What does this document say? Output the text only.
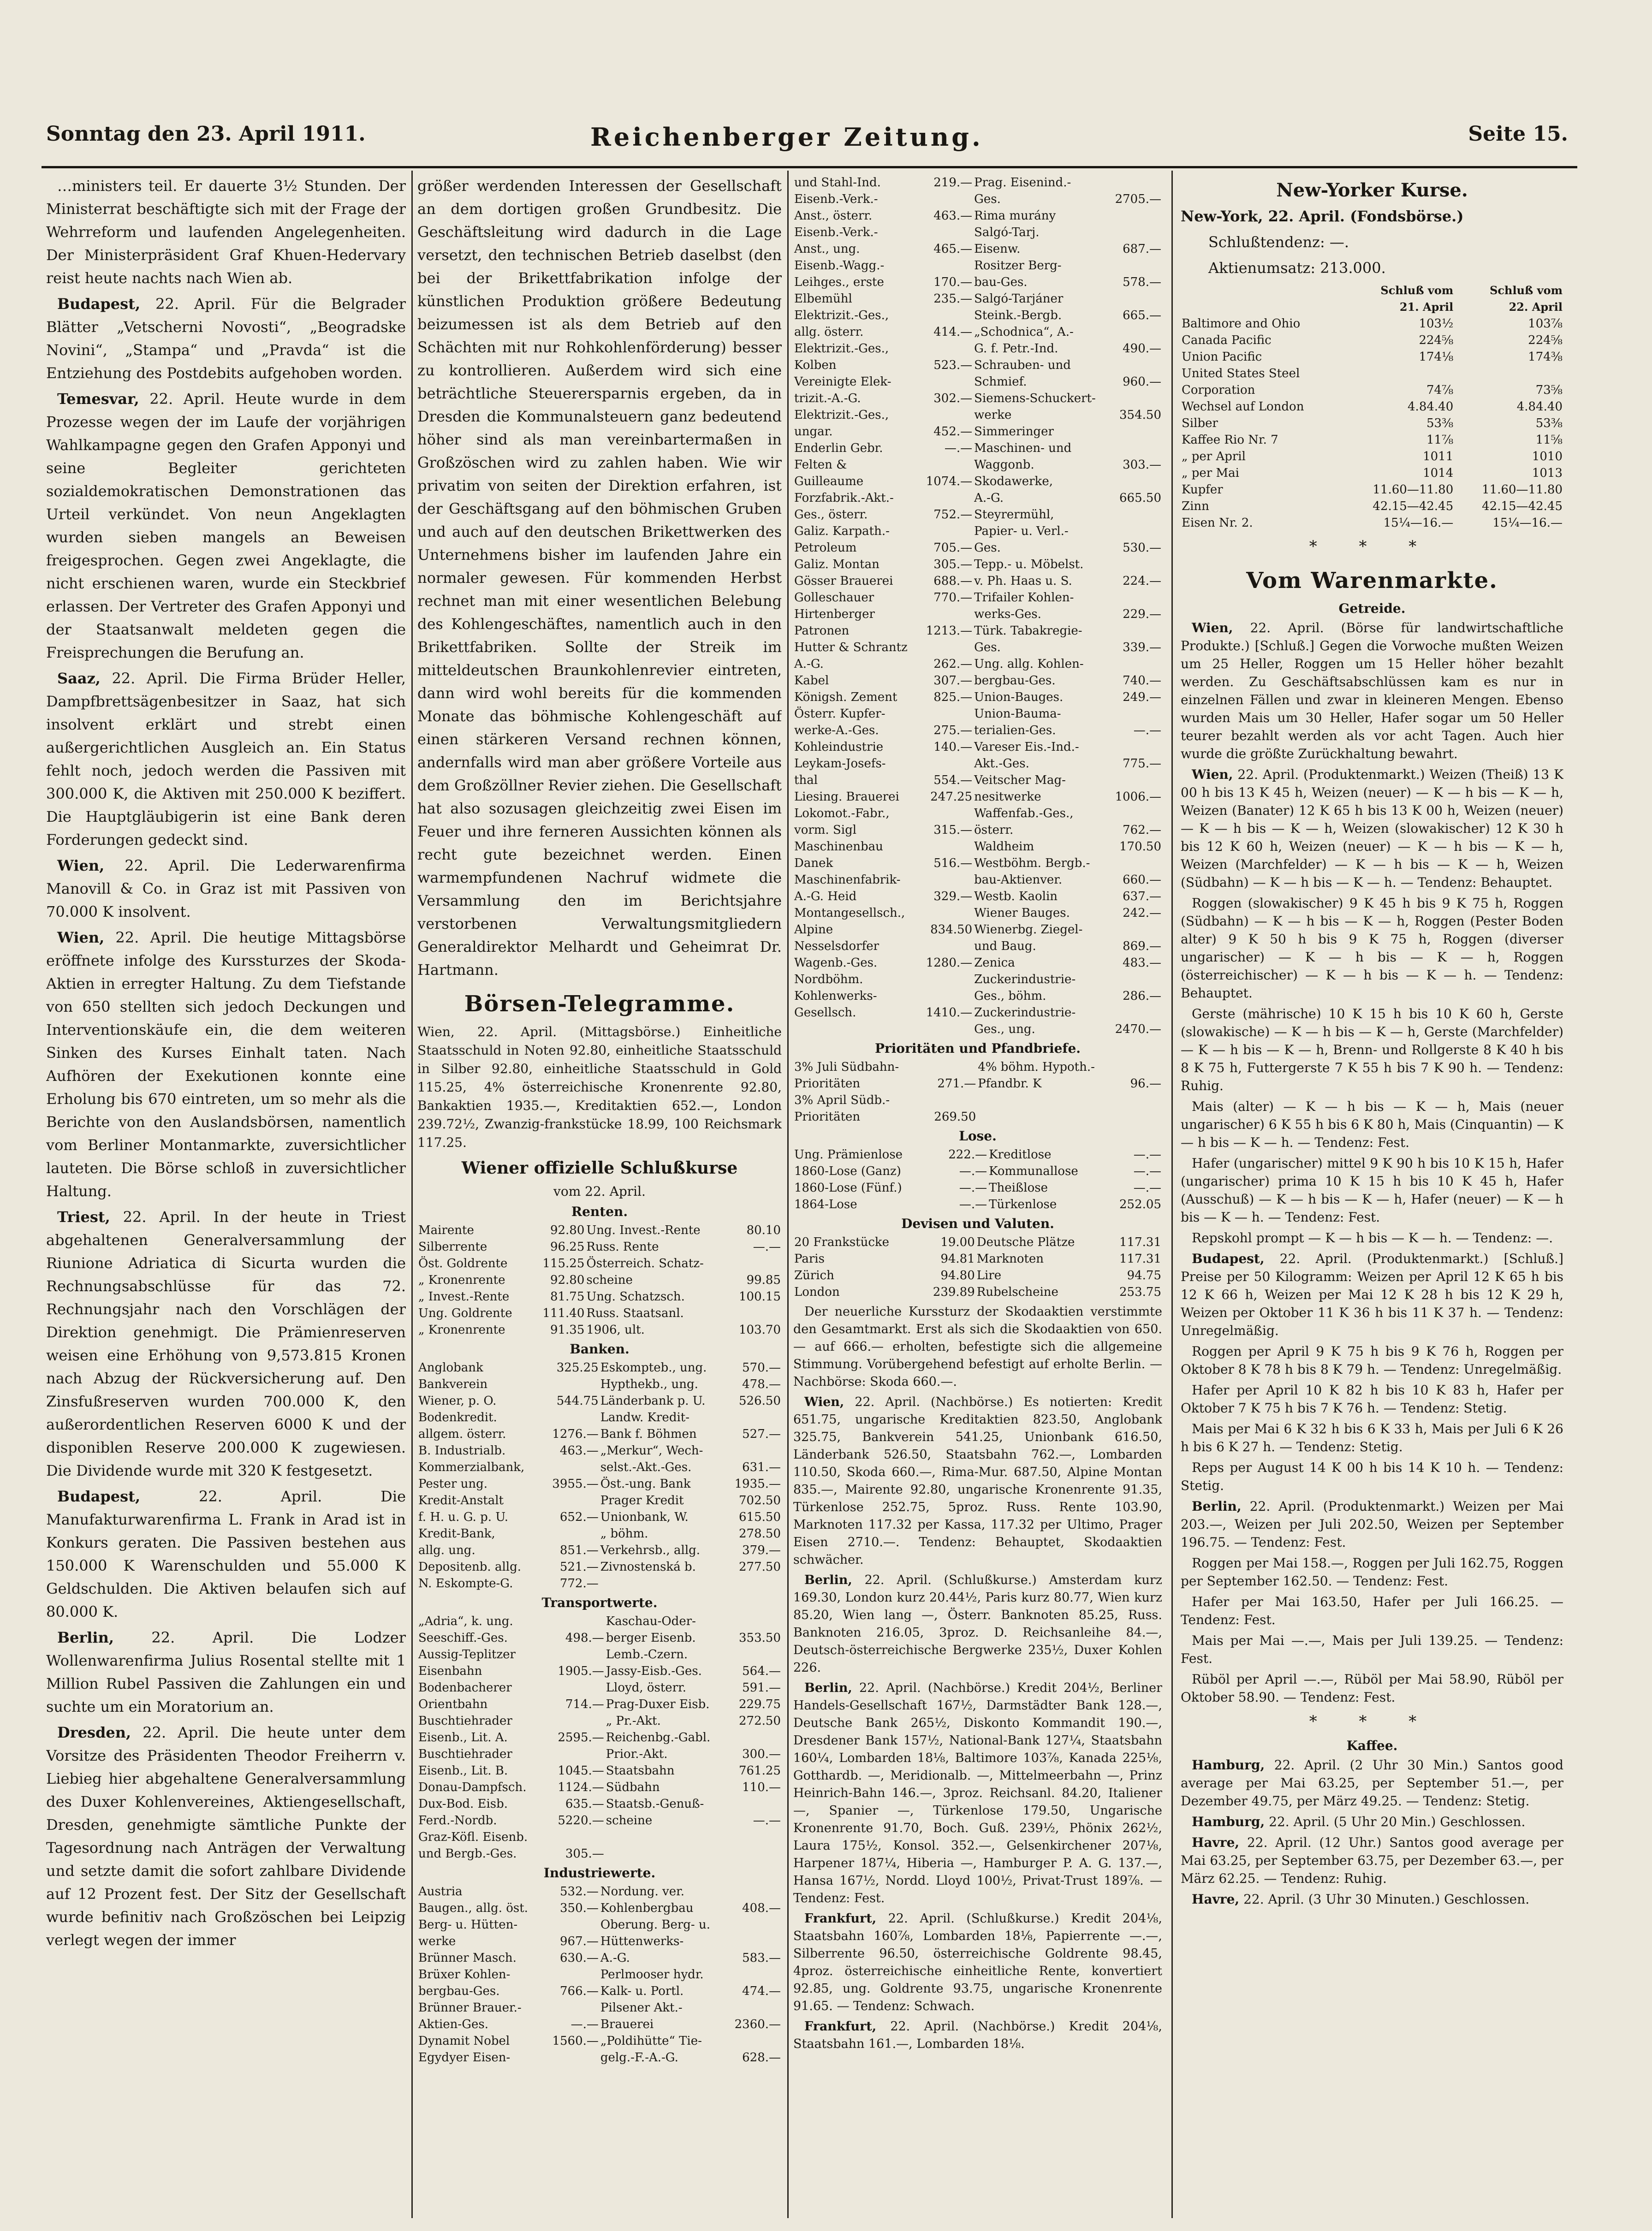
Sonntag den 23. April 1911.	Reichenberger Zeitung.	Seite 15.

…ministers teil. Er dauerte 3½ Stunden. Der Ministerrat beschäftigte sich mit der Frage der Wehrreform und laufenden Angelegenheiten. Der Ministerpräsident Graf Khuen-Hedervary reist heute nachts nach Wien ab.

Budapest, 22. April. Für die Belgrader Blätter „Vetscherni Novosti“, „Beogradske Novini“, „Stampa“ und „Pravda“ ist die Entziehung des Postdebits aufgehoben worden.

Temesvar, 22. April. Heute wurde in dem Prozesse wegen der im Laufe der vorjährigen Wahlkampagne gegen den Grafen Apponyi und seine Begleiter gerichteten sozialdemokratischen Demonstrationen das Urteil verkündet. Von neun Angeklagten wurden sieben mangels an Beweisen freigesprochen. Gegen zwei Angeklagte, die nicht erschienen waren, wurde ein Steckbrief erlassen. Der Vertreter des Grafen Apponyi und der Staatsanwalt meldeten gegen die Freisprechungen die Berufung an.

Saaz, 22. April. Die Firma Brüder Heller, Dampfbrettsägenbesitzer in Saaz, hat sich insolvent erklärt und strebt einen außergerichtlichen Ausgleich an. Ein Status fehlt noch, jedoch werden die Passiven mit 300.000 K, die Aktiven mit 250.000 K beziffert. Die Hauptgläubigerin ist eine Bank deren Forderungen gedeckt sind.

Wien, 22. April. Die Lederwarenfirma Manovill & Co. in Graz ist mit Passiven von 70.000 K insolvent.

Wien, 22. April. Die heutige Mittagsbörse eröffnete infolge des Kurssturzes der Skoda-Aktien in erregter Haltung. Zu dem Tiefstande von 650 stellten sich jedoch Deckungen und Interventionskäufe ein, die dem weiteren Sinken des Kurses Einhalt taten. Nach Aufhören der Exekutionen konnte eine Erholung bis 670 eintreten, um so mehr als die Berichte von den Auslandsbörsen, namentlich vom Berliner Montanmarkte, zuversichtlicher lauteten. Die Börse schloß in zuversichtlicher Haltung.

Triest, 22. April. In der heute in Triest abgehaltenen Generalversammlung der Riunione Adriatica di Sicurta wurden die Rechnungsabschlüsse für das 72. Rechnungsjahr nach den Vorschlägen der Direktion genehmigt. Die Prämienreserven weisen eine Erhöhung von 9,573.815 Kronen nach Abzug der Rückversicherung auf. Den Zinsfußreserven wurden 700.000 K, den außerordentlichen Reserven 6000 K und der disponiblen Reserve 200.000 K zugewiesen. Die Dividende wurde mit 320 K festgesetzt.

Budapest, 22. April. Die Manufakturwarenfirma L. Frank in Arad ist in Konkurs geraten. Die Passiven bestehen aus 150.000 K Warenschulden und 55.000 K Geldschulden. Die Aktiven belaufen sich auf 80.000 K.

Berlin, 22. April. Die Lodzer Wollenwarenfirma Julius Rosental stellte mit 1 Million Rubel Passiven die Zahlungen ein und suchte um ein Moratorium an.

Dresden, 22. April. Die heute unter dem Vorsitze des Präsidenten Theodor Freiherrn v. Liebieg hier abgehaltene Generalversammlung des Duxer Kohlenvereines, Aktiengesellschaft, Dresden, genehmigte sämtliche Punkte der Tagesordnung nach Anträgen der Verwaltung und setzte damit die sofort zahlbare Dividende auf 12 Prozent fest. Der Sitz der Gesellschaft wurde befinitiv nach Großzöschen bei Leipzig verlegt wegen der immer

größer werdenden Interessen der Gesellschaft an dem dortigen großen Grundbesitz. Die Geschäftsleitung wird dadurch in die Lage versetzt, den technischen Betrieb daselbst (den bei der Brikettfabrikation infolge der künstlichen Produktion größere Bedeutung beizumessen ist als dem Betrieb auf den Schächten mit nur Rohkohlenförderung) besser zu kontrollieren. Außerdem wird sich eine beträchtliche Steuerersparnis ergeben, da in Dresden die Kommunalsteuern ganz bedeutend höher sind als man vereinbartermaßen in Großzöschen wird zu zahlen haben. Wie wir privatim von seiten der Direktion erfahren, ist der Geschäftsgang auf den böhmischen Gruben und auch auf den deutschen Brikettwerken des Unternehmens bisher im laufenden Jahre ein normaler gewesen. Für kommenden Herbst rechnet man mit einer wesentlichen Belebung des Kohlengeschäftes, namentlich auch in den Brikettfabriken. Sollte der Streik im mitteldeutschen Braunkohlenrevier eintreten, dann wird wohl bereits für die kommenden Monate das böhmische Kohlengeschäft auf einen stärkeren Versand rechnen können, andernfalls wird man aber größere Vorteile aus dem Großzöllner Revier ziehen. Die Gesellschaft hat also sozusagen gleichzeitig zwei Eisen im Feuer und ihre ferneren Aussichten können als recht gute bezeichnet werden. Einen warmempfundenen Nachruf widmete die Versammlung den im Berichtsjahre verstorbenen Verwaltungsmitgliedern Generaldirektor Melhardt und Geheimrat Dr. Hartmann.

Börsen-Telegramme.

Wien, 22. April. (Mittagsbörse.) Einheitliche Staatsschuld in Noten 92.80, einheitliche Staatsschuld in Silber 92.80, einheitliche Staatsschuld in Gold 115.25, 4% österreichische Kronenrente 92.80, Bankaktien 1935.—, Kreditaktien 652.—, London 239.72½, Zwanzig-frankstücke 18.99, 100 Reichsmark 117.25.

Wiener offizielle Schlußkurse
vom 22. April.
Renten.
Mairente	92.80	Ung. Invest.-Rente	80.10
Silberrente	96.25	Russ. Rente	—.—
Öst. Goldrente	115.25	Österreich. Schatz-	
„ Kronenrente	92.80	scheine	99.85
„ Invest.-Rente	81.75	Ung. Schatzsch.	100.15
Ung. Goldrente	111.40	Russ. Staatsanl.	
„ Kronenrente	91.35	1906, ult.	103.70
Banken.
Anglobank	325.25	Eskompteb., ung.	570.—
Bankverein		Hypthekb., ung.	478.—
Wiener, p. O.	544.75	Länderbank p. U.	526.50
Bodenkredit.		Landw. Kredit-	
allgem. österr.	1276.—	Bank f. Böhmen	527.—
B. Industrialb.	463.—	„Merkur“, Wech-	
Kommerzialbank,		selst.-Akt.-Ges.	631.—
Pester ung.	3955.—	Öst.-ung. Bank	1935.—
Kredit-Anstalt		Prager Kredit	702.50
f. H. u. G. p. U.	652.—	Unionbank, W.	615.50
Kredit-Bank,		„ böhm.	278.50
allg. ung.	851.—	Verkehrsb., allg.	379.—
Depositenb. allg.	521.—	Zivnostenská b.	277.50
N. Eskompte-G.	772.—		
Transportwerte.
„Adria“, k. ung.		Kaschau-Oder-	
Seeschiff.-Ges.	498.—	berger Eisenb.	353.50
Aussig-Teplitzer		Lemb.-Czern.	
Eisenbahn	1905.—	Jassy-Eisb.-Ges.	564.—
Bodenbacherer		Lloyd, österr.	591.—
Orientbahn	714.—	Prag-Duxer Eisb.	229.75
Buschtiehrader		„ Pr.-Akt.	272.50
Eisenb., Lit. A.	2595.—	Reichenbg.-Gabl.	
Buschtiehrader		Prior.-Akt.	300.—
Eisenb., Lit. B.	1045.—	Staatsbahn	761.25
Donau-Dampfsch.	1124.—	Südbahn	110.—
Dux-Bod. Eisb.	635.—	Staatsb.-Genuß-	
Ferd.-Nordb.	5220.—	scheine	—.—
Graz-Köfl. Eisenb.			
und Bergb.-Ges.	305.—		
Industriewerte.
Austria	532.—	Nordung. ver.	
Baugen., allg. öst.	350.—	Kohlenbergbau	408.—
Berg- u. Hütten-		Oberung. Berg- u.	
werke	967.—	Hüttenwerks-	
Brünner Masch.	630.—	A.-G.	583.—
Brüxer Kohlen-		Perlmooser hydr.	
bergbau-Ges.	766.—	Kalk- u. Portl.	474.—
Brünner Brauer.-		Pilsener Akt.-	
Aktien-Ges.	—.—	Brauerei	2360.—
Dynamit Nobel	1560.—	„Poldihütte“ Tie-	
Egydyer Eisen-		gelg.-F.-A.-G.	628.—
und Stahl-Ind.	219.—	Prag. Eisenind.-	
Eisenb.-Verk.-		Ges.	2705.—
Anst., österr.	463.—	Rima murány	
Eisenb.-Verk.-		Salgó-Tarj.	
Anst., ung.	465.—	Eisenw.	687.—
Eisenb.-Wagg.-		Rositzer Berg-	
Leihges., erste	170.—	bau-Ges.	578.—
Elbemühl	235.—	Salgó-Tarjáner	
Elektrizit.-Ges.,		Steink.-Bergb.	665.—
allg. österr.	414.—	„Schodnica“, A.-	
Elektrizit.-Ges.,		G. f. Petr.-Ind.	490.—
Kolben	523.—	Schrauben- und	
Vereinigte Elek-		Schmief.	960.—
trizit.-A.-G.	302.—	Siemens-Schuckert-	
Elektrizit.-Ges.,		werke	354.50
ungar.	452.—	Simmeringer	
Enderlin Gebr.	—.—	Maschinen- und	
Felten &		Waggonb.	303.—
Guilleaume	1074.—	Skodawerke,	
Forzfabrik.-Akt.-		A.-G.	665.50
Ges., österr.	752.—	Steyrermühl,	
Galiz. Karpath.-		Papier- u. Verl.-	
Petroleum	705.—	Ges.	530.—
Galiz. Montan	305.—	Tepp.- u. Möbelst.	
Gösser Brauerei	688.—	v. Ph. Haas u. S.	224.—
Golleschauer	770.—	Trifailer Kohlen-	
Hirtenberger		werks-Ges.	229.—
Patronen	1213.—	Türk. Tabakregie-	
Hutter & Schrantz		Ges.	339.—
A.-G.	262.—	Ung. allg. Kohlen-	
Kabel	307.—	bergbau-Ges.	740.—
Königsh. Zement	825.—	Union-Bauges.	249.—
Österr. Kupfer-		Union-Bauma-	
werke-A.-Ges.	275.—	terialien-Ges.	—.—
Kohleindustrie	140.—	Vareser Eis.-Ind.-	
Leykam-Josefs-		Akt.-Ges.	775.—
thal	554.—	Veitscher Mag-	
Liesing. Brauerei	247.25	nesitwerke	1006.—
Lokomot.-Fabr.,		Waffenfab.-Ges.,	
vorm. Sigl	315.—	österr.	762.—
Maschinenbau		Waldheim	170.50
Danek	516.—	Westböhm. Bergb.-	
Maschinenfabrik-		bau-Aktienver.	660.—
A.-G. Heid	329.—	Westb. Kaolin	637.—
Montangesellsch.,		Wiener Bauges.	242.—
Alpine	834.50	Wienerbg. Ziegel-	
Nesselsdorfer		und Baug.	869.—
Wagenb.-Ges.	1280.—	Zenica	483.—
Nordböhm.		Zuckerindustrie-	
Kohlenwerks-		Ges., böhm.	286.—
Gesellsch.	1410.—	Zuckerindustrie-	
		Ges., ung.	2470.—
Prioritäten und Pfandbriefe.
3% Juli Südbahn-		4% böhm. Hypoth.-	
Prioritäten	271.—	Pfandbr. K	96.—
3% April Südb.-			
Prioritäten	269.50		
Lose.
Ung. Prämienlose	222.—	Kreditlose	—.—
1860-Lose (Ganz)	—.—	Kommunallose	—.—
1860-Lose (Fünf.)	—.—	Theißlose	—.—
1864-Lose	—.—	Türkenlose	252.05
Devisen und Valuten.
20 Frankstücke	19.00	Deutsche Plätze	117.31
Paris	94.81	Marknoten	117.31
Zürich	94.80	Lire	94.75
London	239.89	Rubelscheine	253.75

Der neuerliche Kurssturz der Skodaaktien verstimmte den Gesamtmarkt. Erst als sich die Skodaaktien von 650.— auf 666.— erholten, befestigte sich die allgemeine Stimmung. Vorübergehend befestigt auf erholte Berlin. — Nachbörse: Skoda 660.—.

Wien, 22. April. (Nachbörse.) Es notierten: Kredit 651.75, ungarische Kreditaktien 823.50, Anglobank 325.75, Bankverein 541.25, Unionbank 616.50, Länderbank 526.50, Staatsbahn 762.—, Lombarden 110.50, Skoda 660.—, Rima-Mur. 687.50, Alpine Montan 835.—, Mairente 92.80, ungarische Kronenrente 91.35, Türkenlose 252.75, 5proz. Russ. Rente 103.90, Marknoten 117.32 per Kassa, 117.32 per Ultimo, Prager Eisen 2710.—. Tendenz: Behauptet, Skodaaktien schwächer.

Berlin, 22. April. (Schlußkurse.) Amsterdam kurz 169.30, London kurz 20.44½, Paris kurz 80.77, Wien kurz 85.20, Wien lang —, Österr. Banknoten 85.25, Russ. Banknoten 216.05, 3proz. D. Reichsanleihe 84.—, Deutsch-österreichische Bergwerke 235½, Duxer Kohlen 226.

Berlin, 22. April. (Nachbörse.) Kredit 204½, Berliner Handels-Gesellschaft 167½, Darmstädter Bank 128.—, Deutsche Bank 265½, Diskonto Kommandit 190.—, Dresdener Bank 157½, National-Bank 127¼, Staatsbahn 160¼, Lombarden 18⅛, Baltimore 103⅞, Kanada 225⅛, Gotthardb. —, Meridionalb. —, Mittelmeerbahn —, Prinz Heinrich-Bahn 146.—, 3proz. Reichsanl. 84.20, Italiener —, Spanier —, Türkenlose 179.50, Ungarische Kronenrente 91.70, Boch. Guß. 239½, Phönix 262½, Laura 175½, Konsol. 352.—, Gelsenkirchener 207⅛, Harpener 187¼, Hiberia —, Hamburger P. A. G. 137.—, Hansa 167½, Nordd. Lloyd 100½, Privat-Trust 189⅞. — Tendenz: Fest.

Frankfurt, 22. April. (Schlußkurse.) Kredit 204⅛, Staatsbahn 160⅞, Lombarden 18⅛, Papierrente —.—, Silberrente 96.50, österreichische Goldrente 98.45, 4proz. österreichische einheitliche Rente, konvertiert 92.85, ung. Goldrente 93.75, ungarische Kronenrente 91.65. — Tendenz: Schwach.

Frankfurt, 22. April. (Nachbörse.) Kredit 204⅛, Staatsbahn 161.—, Lombarden 18⅛.

New-Yorker Kurse.

New-York, 22. April. (Fondsbörse.)

Schlußtendenz: —.

Aktienumsatz: 213.000.

	Schluß vom	Schluß vom
	21. April	22. April
Baltimore and Ohio	103½	103⅞
Canada Pacific	224⅝	224⅝
Union Pacific	174⅛	174⅜
United States Steel		
Corporation	74⅞	73⅝
Wechsel auf London	4.84.40	4.84.40
Silber	53⅜	53⅜
Kaffee Rio Nr. 7	11⅞	11⅝
„ per April	1011	1010
„ per Mai	1014	1013
Kupfer	11.60—11.80	11.60—11.80
Zinn	42.15—42.45	42.15—42.45
Eisen Nr. 2.	15¼—16.—	15¼—16.—
* * *
Vom Warenmarkte.
Getreide.

Wien, 22. April. (Börse für landwirtschaftliche Produkte.) [Schluß.] Gegen die Vorwoche mußten Weizen um 25 Heller, Roggen um 15 Heller höher bezahlt werden. Zu Geschäftsabschlüssen kam es nur in einzelnen Fällen und zwar in kleineren Mengen. Ebenso wurden Mais um 30 Heller, Hafer sogar um 50 Heller teurer bezahlt werden als vor acht Tagen. Auch hier wurde die größte Zurückhaltung bewahrt.

Wien, 22. April. (Produktenmarkt.) Weizen (Theiß) 13 K 00 h bis 13 K 45 h, Weizen (neuer) — K — h bis — K — h, Weizen (Banater) 12 K 65 h bis 13 K 00 h, Weizen (neuer) — K — h bis — K — h, Weizen (slowakischer) 12 K 30 h bis 12 K 60 h, Weizen (neuer) — K — h bis — K — h, Weizen (Marchfelder) — K — h bis — K — h, Weizen (Südbahn) — K — h bis — K — h. — Tendenz: Behauptet.

Roggen (slowakischer) 9 K 45 h bis 9 K 75 h, Roggen (Südbahn) — K — h bis — K — h, Roggen (Pester Boden alter) 9 K 50 h bis 9 K 75 h, Roggen (diverser ungarischer) — K — h bis — K — h, Roggen (österreichischer) — K — h bis — K — h. — Tendenz: Behauptet.

Gerste (mährische) 10 K 15 h bis 10 K 60 h, Gerste (slowakische) — K — h bis — K — h, Gerste (Marchfelder) — K — h bis — K — h, Brenn- und Rollgerste 8 K 40 h bis 8 K 75 h, Futtergerste 7 K 55 h bis 7 K 90 h. — Tendenz: Ruhig.

Mais (alter) — K — h bis — K — h, Mais (neuer ungarischer) 6 K 55 h bis 6 K 80 h, Mais (Cinquantin) — K — h bis — K — h. — Tendenz: Fest.

Hafer (ungarischer) mittel 9 K 90 h bis 10 K 15 h, Hafer (ungarischer) prima 10 K 15 h bis 10 K 45 h, Hafer (Ausschuß) — K — h bis — K — h, Hafer (neuer) — K — h bis — K — h. — Tendenz: Fest.

Repskohl prompt — K — h bis — K — h. — Tendenz: —.

Budapest, 22. April. (Produktenmarkt.) [Schluß.] Preise per 50 Kilogramm: Weizen per April 12 K 65 h bis 12 K 66 h, Weizen per Mai 12 K 28 h bis 12 K 29 h, Weizen per Oktober 11 K 36 h bis 11 K 37 h. — Tendenz: Unregelmäßig.

Roggen per April 9 K 75 h bis 9 K 76 h, Roggen per Oktober 8 K 78 h bis 8 K 79 h. — Tendenz: Unregelmäßig.

Hafer per April 10 K 82 h bis 10 K 83 h, Hafer per Oktober 7 K 75 h bis 7 K 76 h. — Tendenz: Stetig.

Mais per Mai 6 K 32 h bis 6 K 33 h, Mais per Juli 6 K 26 h bis 6 K 27 h. — Tendenz: Stetig.

Reps per August 14 K 00 h bis 14 K 10 h. — Tendenz: Stetig.

Berlin, 22. April. (Produktenmarkt.) Weizen per Mai 203.—, Weizen per Juli 202.50, Weizen per September 196.75. — Tendenz: Fest.

Roggen per Mai 158.—, Roggen per Juli 162.75, Roggen per September 162.50. — Tendenz: Fest.

Hafer per Mai 163.50, Hafer per Juli 166.25. — Tendenz: Fest.

Mais per Mai —.—, Mais per Juli 139.25. — Tendenz: Fest.

Rüböl per April —.—, Rüböl per Mai 58.90, Rüböl per Oktober 58.90. — Tendenz: Fest.

* * *
Kaffee.

Hamburg, 22. April. (2 Uhr 30 Min.) Santos good average per Mai 63.25, per September 51.—, per Dezember 49.75, per März 49.25. — Tendenz: Stetig.

Hamburg, 22. April. (5 Uhr 20 Min.) Geschlossen.

Havre, 22. April. (12 Uhr.) Santos good average per Mai 63.25, per September 63.75, per Dezember 63.—, per März 62.25. — Tendenz: Ruhig.

Havre, 22. April. (3 Uhr 30 Minuten.) Geschlossen.
